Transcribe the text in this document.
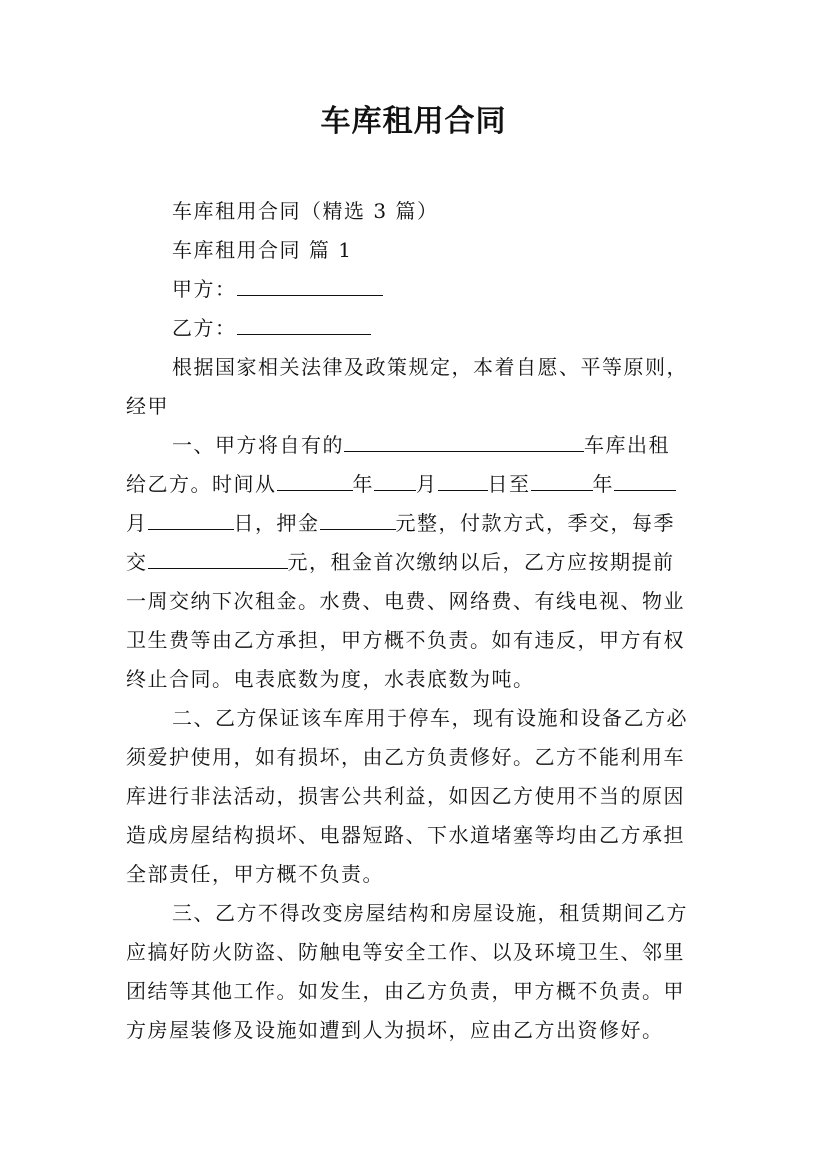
车库租用合同
车库租用合同（精选 3 篇）
车库租用合同 篇 1
甲方：
乙方：
根据国家相关法律及政策规定，本着自愿、平等原则，
经甲
一、甲方将自有的	车库出租
给乙方。时间从	年 月	日至	年
月	日，押金	元整，付款方式，季交，每季
交	元，租金首次缴纳以后，乙方应按期提前
一周交纳下次租金。水费、电费、网络费、有线电视、物业
卫生费等由乙方承担，甲方概不负责。如有违反，甲方有权
终止合同。电表底数为度，水表底数为吨。
二、乙方保证该车库用于停车，现有设施和设备乙方必
须爱护使用，如有损坏，由乙方负责修好。乙方不能利用车
库进行非法活动，损害公共利益，如因乙方使用不当的原因
造成房屋结构损坏、电器短路、下水道堵塞等均由乙方承担
全部责任，甲方概不负责。
三、乙方不得改变房屋结构和房屋设施，租赁期间乙方
应搞好防火防盗、防触电等安全工作、以及环境卫生、邻里
团结等其他工作。如发生，由乙方负责，甲方概不负责。甲
方房屋装修及设施如遭到人为损坏，应由乙方出资修好。
